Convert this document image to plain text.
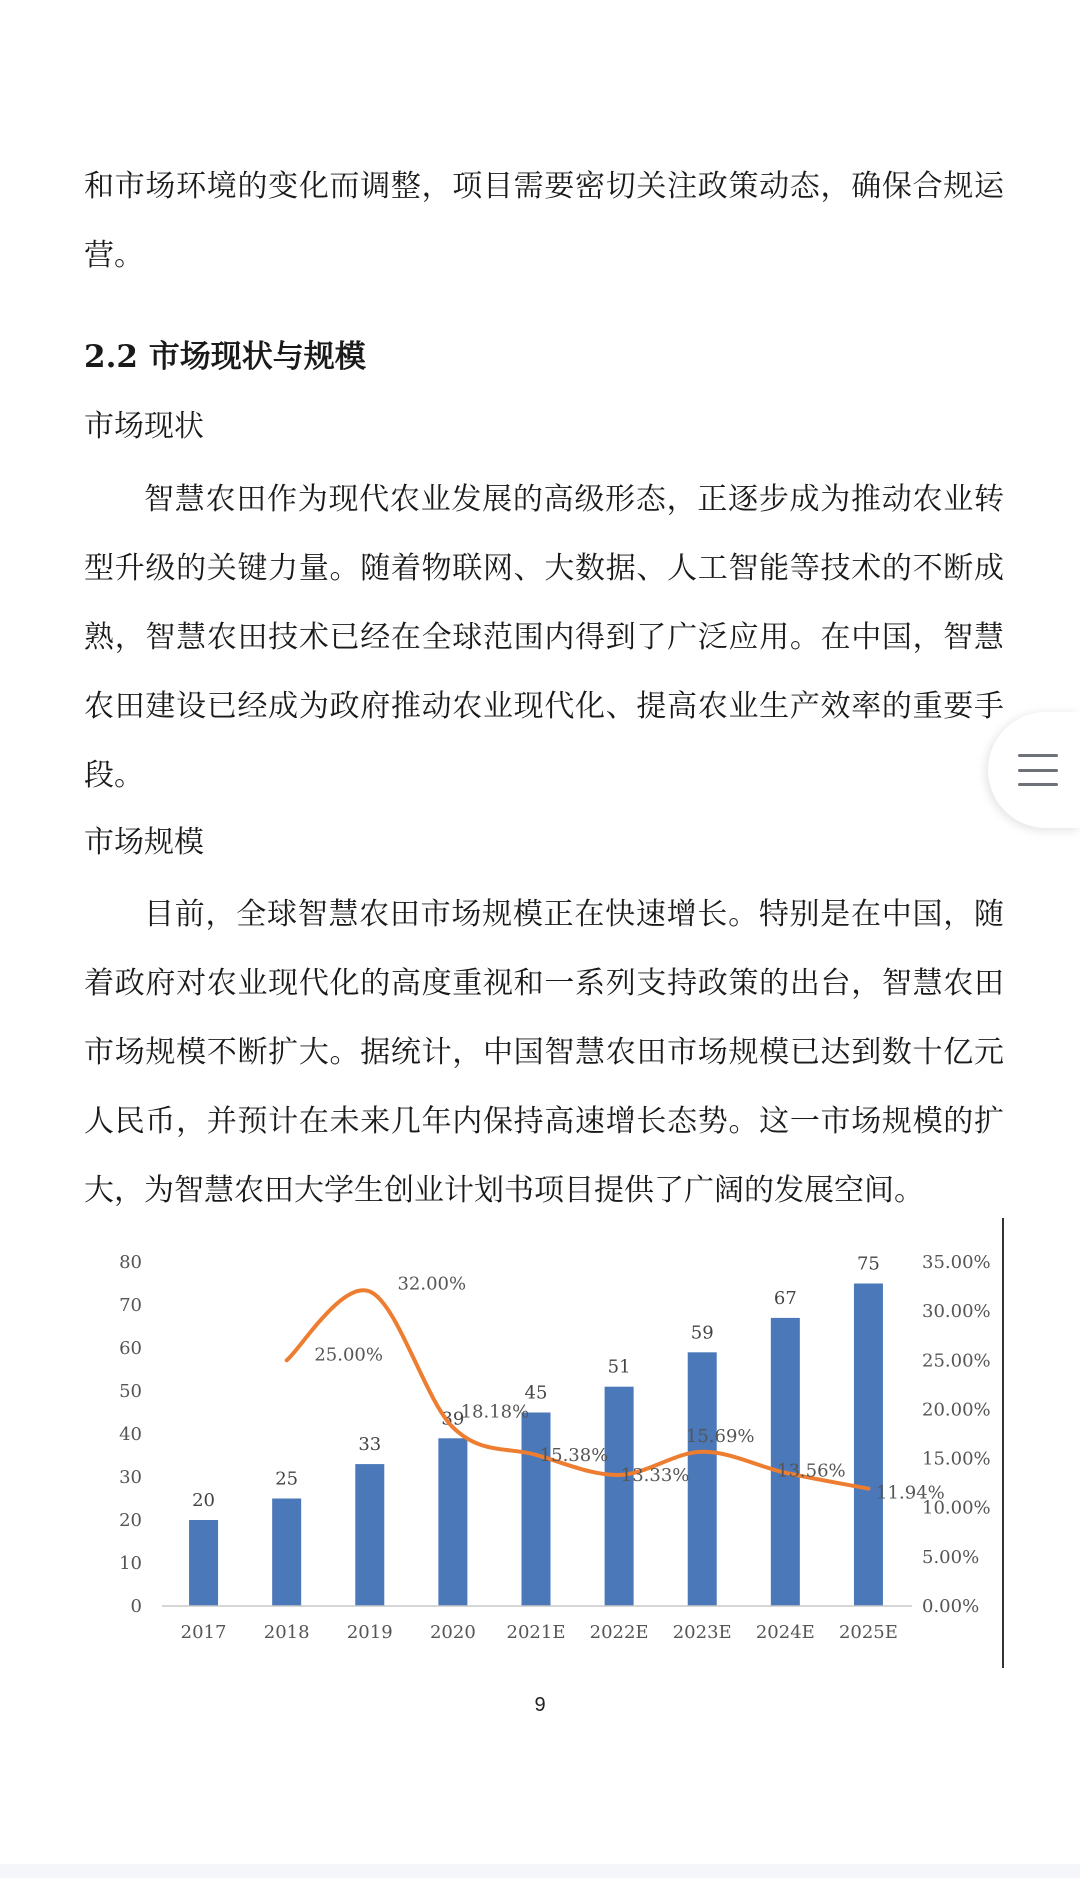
和市场环境的变化而调整，项目需要密切关注政策动态，确保合规运营。

2.2 市场现状与规模

市场现状

智慧农田作为现代农业发展的高级形态，正逐步成为推动农业转型升级的关键力量。随着物联网、大数据、人工智能等技术的不断成熟，智慧农田技术已经在全球范围内得到了广泛应用。在中国，智慧农田建设已经成为政府推动农业现代化、提高农业生产效率的重要手段。

市场规模

目前，全球智慧农田市场规模正在快速增长。特别是在中国，随着政府对农业现代化的高度重视和一系列支持政策的出台，智慧农田市场规模不断扩大。据统计，中国智慧农田市场规模已达到数十亿元人民币，并预计在未来几年内保持高速增长态势。这一市场规模的扩大，为智慧农田大学生创业计划书项目提供了广阔的发展空间。

0
10
20
30
40
50
60
70
80
0.00%
5.00%
10.00%
15.00%
20.00%
25.00%
30.00%
35.00%
20
25
33
39
45
51
59
67
75
2017 2018 2019 2020 2021E 2022E 2023E 2024E 2025E
25.00%
32.00%
18.18%
15.38%
13.33%
15.69%
13.56%
11.94%
9
